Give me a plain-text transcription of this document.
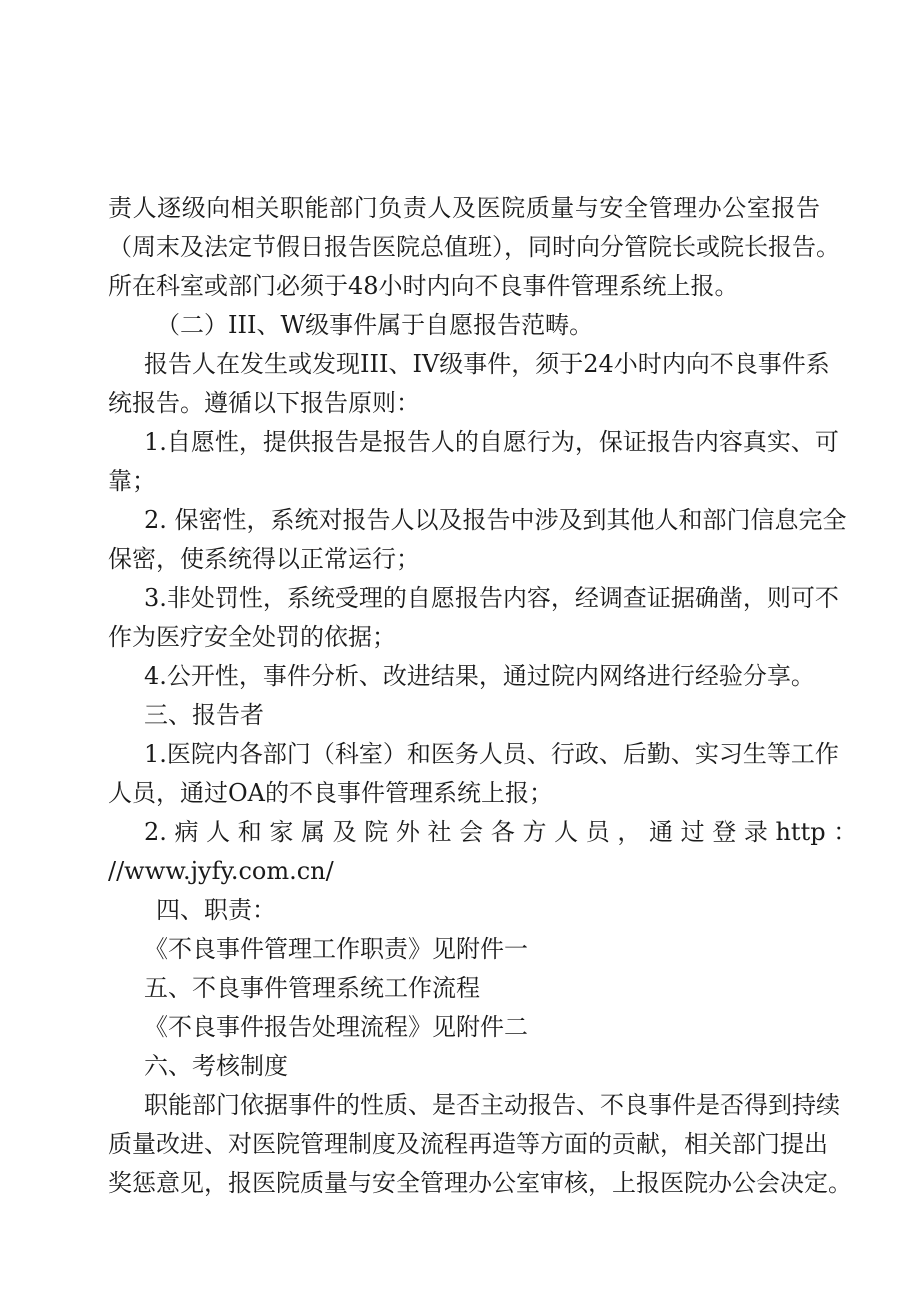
责人逐级向相关职能部门负责人及医院质量与安全管理办公室报告
（周末及法定节假日报告医院总值班），同时向分管院长或院长报告。
所在科室或部门必须于48小时内向不良事件管理系统上报。
（二）III、W级事件属于自愿报告范畴。
报告人在发生或发现III、IV级事件，须于24小时内向不良事件系
统报告。遵循以下报告原则：
1.自愿性，提供报告是报告人的自愿行为，保证报告内容真实、可
靠；
2. 保密性，系统对报告人以及报告中涉及到其他人和部门信息完全
保密，使系统得以正常运行；
3.非处罚性，系统受理的自愿报告内容，经调查证据确凿，则可不
作为医疗安全处罚的依据；
4.公开性，事件分析、改进结果，通过院内网络进行经验分享。
三、报告者
1.医院内各部门（科室）和医务人员、行政、后勤、实习生等工作
人员，通过OA的不良事件管理系统上报；
2. 病 人 和 家 属 及 院 外 社 会 各 方 人 员 ， 通 过 登 录 http ：
//www.jyfy.com.cn/
四、职责：
《不良事件管理工作职责》见附件一
五、不良事件管理系统工作流程
《不良事件报告处理流程》见附件二
六、考核制度
职能部门依据事件的性质、是否主动报告、不良事件是否得到持续
质量改进、对医院管理制度及流程再造等方面的贡献，相关部门提出
奖惩意见，报医院质量与安全管理办公室审核，上报医院办公会决定。
